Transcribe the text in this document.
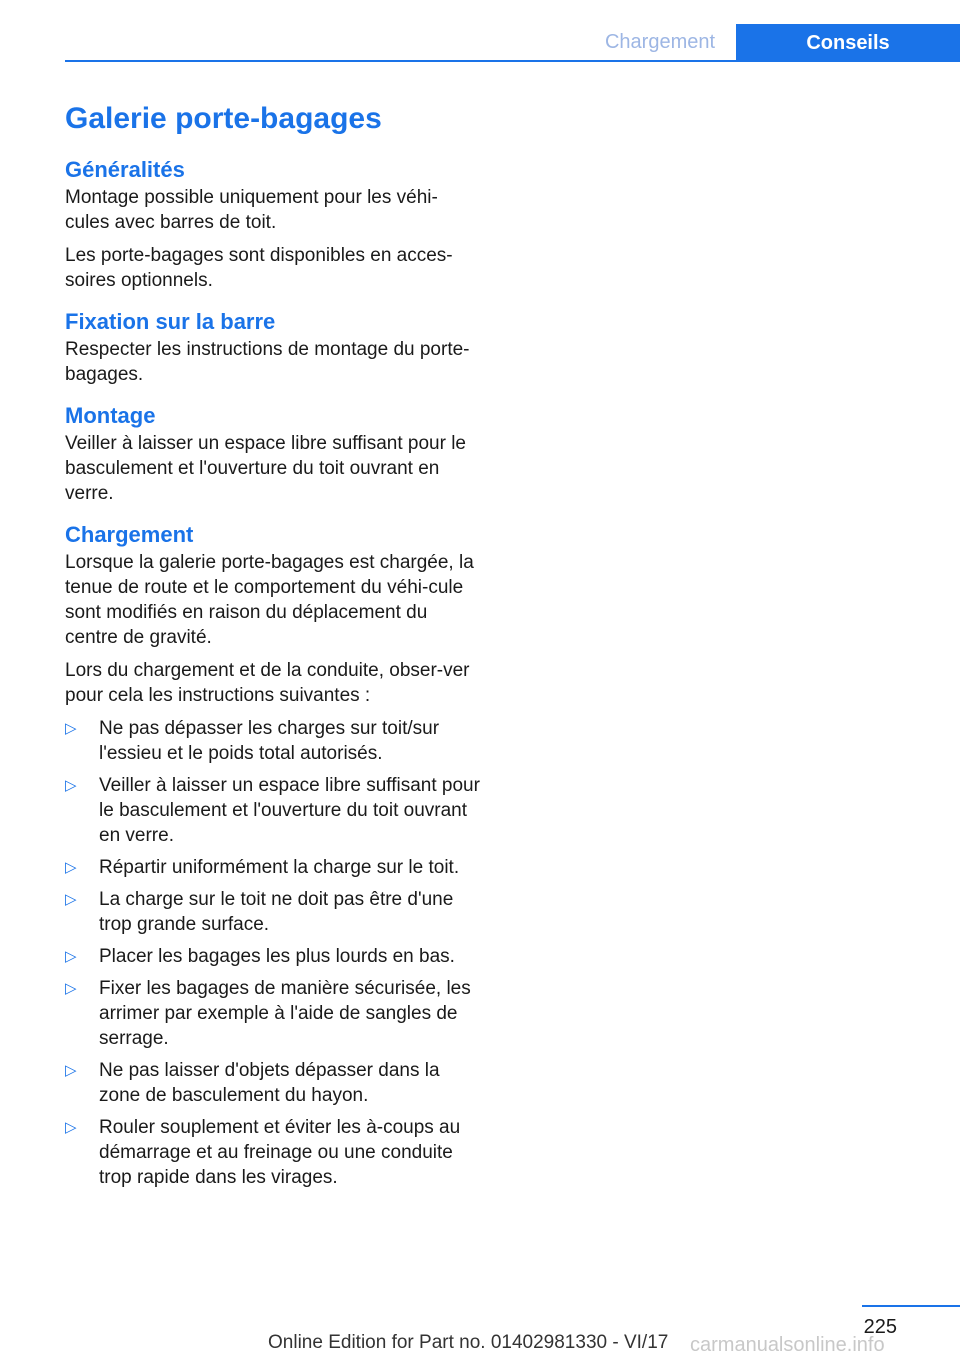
Chargement	Conseils
Galerie porte-bagages
Généralités

Montage possible uniquement pour les véhi-cules avec barres de toit.

Les porte-bagages sont disponibles en acces-soires optionnels.

Fixation sur la barre

Respecter les instructions de montage du porte-bagages.

Montage

Veiller à laisser un espace libre suffisant pour le basculement et l'ouverture du toit ouvrant en verre.

Chargement

Lorsque la galerie porte-bagages est chargée, la tenue de route et le comportement du véhi-cule sont modifiés en raison du déplacement du centre de gravité.

Lors du chargement et de la conduite, obser-ver pour cela les instructions suivantes :

▷ Ne pas dépasser les charges sur toit/sur l'essieu et le poids total autorisés.
▷ Veiller à laisser un espace libre suffisant pour le basculement et l'ouverture du toit ouvrant en verre.
▷ Répartir uniformément la charge sur le toit.
▷ La charge sur le toit ne doit pas être d'une trop grande surface.
▷ Placer les bagages les plus lourds en bas.
▷ Fixer les bagages de manière sécurisée, les arrimer par exemple à l'aide de sangles de serrage.
▷ Ne pas laisser d'objets dépasser dans la zone de basculement du hayon.
▷ Rouler souplement et éviter les à-coups au démarrage et au freinage ou une conduite trop rapide dans les virages.
225
Online Edition for Part no. 01402981330 - VI/17 carmanualsonline.info
